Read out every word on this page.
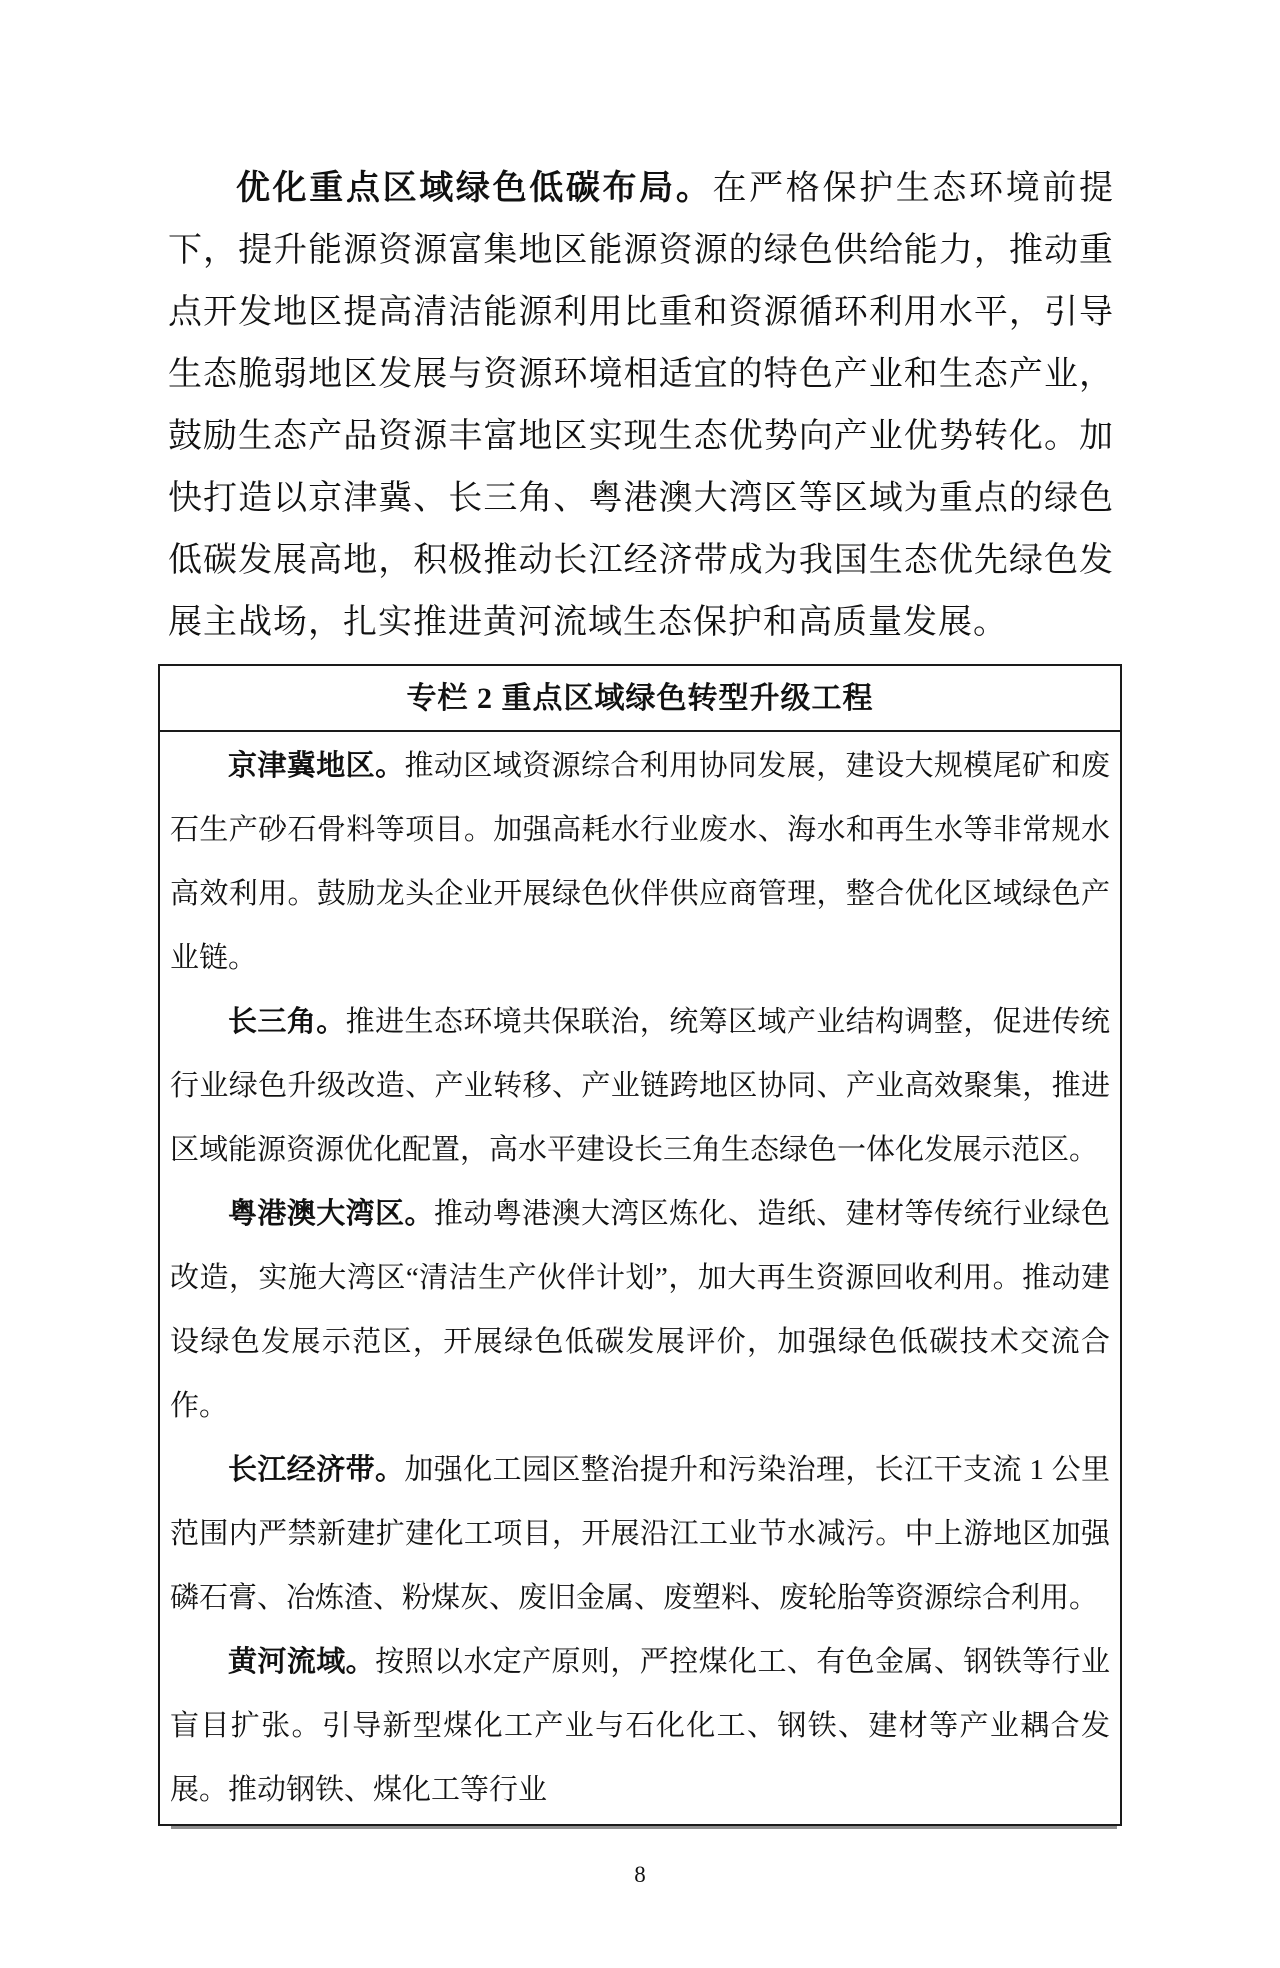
优化重点区域绿色低碳布局。在严格保护生态环境前提下，提升能源资源富集地区能源资源的绿色供给能力，推动重点开发地区提高清洁能源利用比重和资源循环利用水平，引导生态脆弱地区发展与资源环境相适宜的特色产业和生态产业，鼓励生态产品资源丰富地区实现生态优势向产业优势转化。加快打造以京津冀、长三角、粤港澳大湾区等区域为重点的绿色低碳发展高地，积极推动长江经济带成为我国生态优先绿色发展主战场，扎实推进黄河流域生态保护和高质量发展。

专栏 2 重点区域绿色转型升级工程

京津冀地区。推动区域资源综合利用协同发展，建设大规模尾矿和废石生产砂石骨料等项目。加强高耗水行业废水、海水和再生水等非常规水高效利用。鼓励龙头企业开展绿色伙伴供应商管理，整合优化区域绿色产业链。

长三角。推进生态环境共保联治，统筹区域产业结构调整，促进传统行业绿色升级改造、产业转移、产业链跨地区协同、产业高效聚集，推进区域能源资源优化配置，高水平建设长三角生态绿色一体化发展示范区。

粤港澳大湾区。推动粤港澳大湾区炼化、造纸、建材等传统行业绿色改造，实施大湾区“清洁生产伙伴计划”，加大再生资源回收利用。推动建设绿色发展示范区，开展绿色低碳发展评价，加强绿色低碳技术交流合作。

长江经济带。加强化工园区整治提升和污染治理，长江干支流 1 公里范围内严禁新建扩建化工项目，开展沿江工业节水减污。中上游地区加强磷石膏、冶炼渣、粉煤灰、废旧金属、废塑料、废轮胎等资源综合利用。

黄河流域。按照以水定产原则，严控煤化工、有色金属、钢铁等行业盲目扩张。引导新型煤化工产业与石化化工、钢铁、建材等产业耦合发展。推动钢铁、煤化工等行业

8
